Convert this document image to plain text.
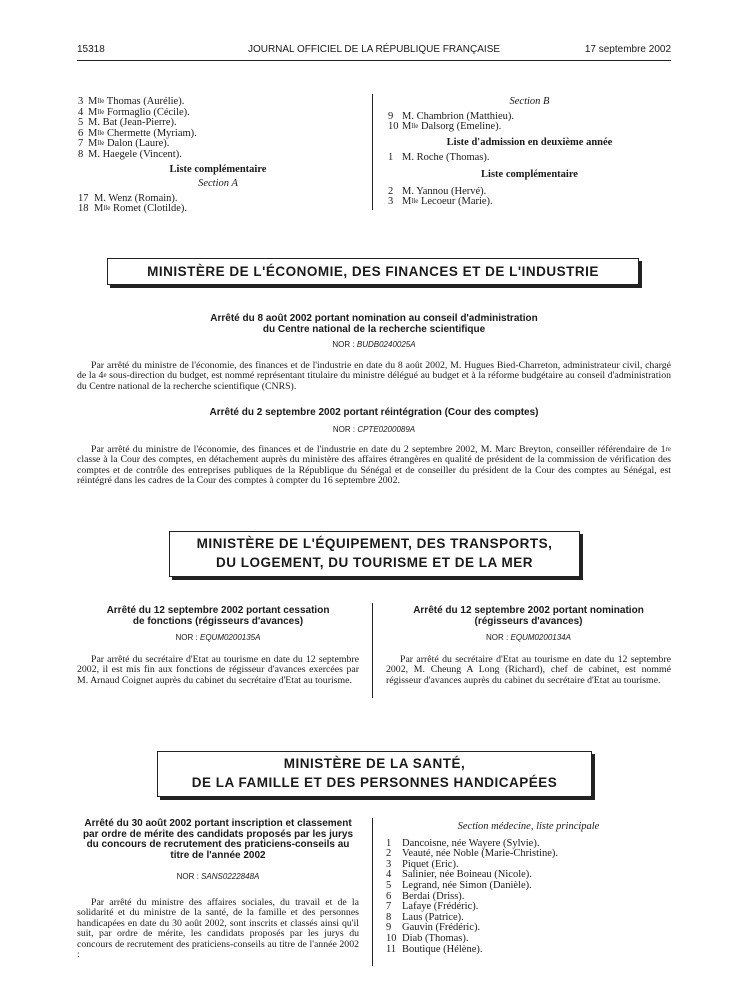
15318	JOURNAL OFFICIEL DE LA RÉPUBLIQUE FRANÇAISE	17 septembre 2002
3 $M^{lle}$ Thomas (Aurélie).
4 $M^{lle}$ Formaglio (Cécile).
5 M. Bat (Jean-Pierre).
6 $M^{lle}$ Chermette (Myriam).
7 $M^{lle}$ Dalon (Laure).
8 M. Haegele (Vincent).
Liste complémentaire
Section A
17 M. Wenz (Romain).
18 $M^{lle}$ Romet (Clotilde).
Section B
9 M. Chambrion (Matthieu).
10 $M^{lle}$ Dalsorg (Emeline).
Liste d'admission en deuxième année
1 M. Roche (Thomas).
Liste complémentaire
2 M. Yannou (Hervé).
3 $M^{lle}$ Lecoeur (Marie).
MINISTÈRE DE L'ÉCONOMIE, DES FINANCES ET DE L'INDUSTRIE
Arrêté du 8 août 2002 portant nomination au conseil d'administration
du Centre national de la recherche scientifique
NOR : BUDB0240025A
Par arrêté du ministre de l'économie, des finances et de l'industrie en date du 8 août 2002, M. Hugues Bied-Charreton, administrateur civil, chargé de la 4e sous-direction du budget, est nommé représentant titulaire du ministre délégué au budget et à la réforme budgétaire au conseil d'administration du Centre national de la recherche scientifique (CNRS).
Arrêté du 2 septembre 2002 portant réintégration (Cour des comptes)
NOR : CPTE0200089A
Par arrêté du ministre de l'économie, des finances et de l'industrie en date du 2 septembre 2002, M. Marc Breyton, conseiller référendaire de 1re classe à la Cour des comptes, en détachement auprès du ministère des affaires étrangères en qualité de président de la commission de vérification des comptes et de contrôle des entreprises publiques de la République du Sénégal et de conseiller du président de la Cour des comptes au Sénégal, est réintégré dans les cadres de la Cour des comptes à compter du 16 septembre 2002.
MINISTÈRE DE L'ÉQUIPEMENT, DES TRANSPORTS,
DU LOGEMENT, DU TOURISME ET DE LA MER
Arrêté du 12 septembre 2002 portant cessation
de fonctions (régisseurs d'avances)
NOR : EQUM0200135A
Par arrêté du secrétaire d'Etat au tourisme en date du 12 septembre 2002, il est mis fin aux fonctions de régisseur d'avances exercées par M. Arnaud Coignet auprès du cabinet du secrétaire d'Etat au tourisme.
Arrêté du 12 septembre 2002 portant nomination
(régisseurs d'avances)
NOR : EQUM0200134A
Par arrêté du secrétaire d'Etat au tourisme en date du 12 septembre 2002, M. Cheung A Long (Richard), chef de cabinet, est nommé régisseur d'avances auprès du cabinet du secrétaire d'Etat au tourisme.
MINISTÈRE DE LA SANTÉ,
DE LA FAMILLE ET DES PERSONNES HANDICAPÉES
Arrêté du 30 août 2002 portant inscription et classement
par ordre de mérite des candidats proposés par les jurys
du concours de recrutement des praticiens-conseils au
titre de l'année 2002
NOR : SANS0222848A
Par arrêté du ministre des affaires sociales, du travail et de la solidarité et du ministre de la santé, de la famille et des personnes handicapées en date du 30 août 2002, sont inscrits et classés ainsi qu'il suit, par ordre de mérite, les candidats proposés par les jurys du concours de recrutement des praticiens-conseils au titre de l'année 2002 :
Section médecine, liste principale
1 Dancoisne, née Wayere (Sylvie).
2 Veauté, née Noble (Marie-Christine).
3 Piquet (Eric).
4 Salinier, née Boineau (Nicole).
5 Legrand, née Simon (Danièle).
6 Berdai (Driss).
7 Lafaye (Frédéric).
8 Laus (Patrice).
9 Gauvin (Frédéric).
10 Diab (Thomas).
11 Boutique (Hélène).
